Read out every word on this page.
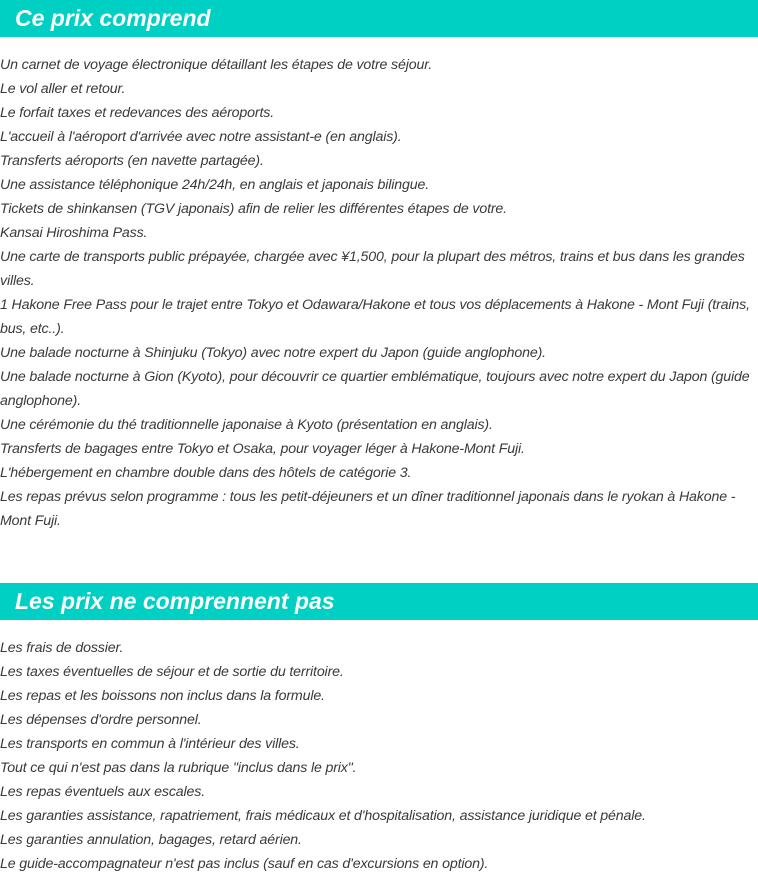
Ce prix comprend
Un carnet de voyage électronique détaillant les étapes de votre séjour.
Le vol aller et retour.
Le forfait taxes et redevances des aéroports.
L'accueil à l'aéroport d'arrivée avec notre assistant-e (en anglais).
Transferts aéroports (en navette partagée).
Une assistance téléphonique 24h/24h, en anglais et japonais bilingue.
Tickets de shinkansen (TGV japonais) afin de relier les différentes étapes de votre.
Kansai Hiroshima Pass.
Une carte de transports public prépayée, chargée avec ¥1,500, pour la plupart des métros, trains et bus dans les grandes villes.
1 Hakone Free Pass pour le trajet entre Tokyo et Odawara/Hakone et tous vos déplacements à Hakone - Mont Fuji (trains, bus, etc..).
Une balade nocturne à Shinjuku (Tokyo) avec notre expert du Japon (guide anglophone).
Une balade nocturne à Gion (Kyoto), pour découvrir ce quartier emblématique, toujours avec notre expert du Japon (guide anglophone).
Une cérémonie du thé traditionnelle japonaise à Kyoto (présentation en anglais).
Transferts de bagages entre Tokyo et Osaka, pour voyager léger à Hakone-Mont Fuji.
L'hébergement en chambre double dans des hôtels de catégorie 3.
Les repas prévus selon programme : tous les petit-déjeuners et un dîner traditionnel japonais dans le ryokan à Hakone - Mont Fuji.
Les prix ne comprennent pas
Les frais de dossier.
Les taxes éventuelles de séjour et de sortie du territoire.
Les repas et les boissons non inclus dans la formule.
Les dépenses d'ordre personnel.
Les transports en commun à l'intérieur des villes.
Tout ce qui n'est pas dans la rubrique "inclus dans le prix".
Les repas éventuels aux escales.
Les garanties assistance, rapatriement, frais médicaux et d'hospitalisation, assistance juridique et pénale.
Les garanties annulation, bagages, retard aérien.
Le guide-accompagnateur n'est pas inclus (sauf en cas d'excursions en option).
